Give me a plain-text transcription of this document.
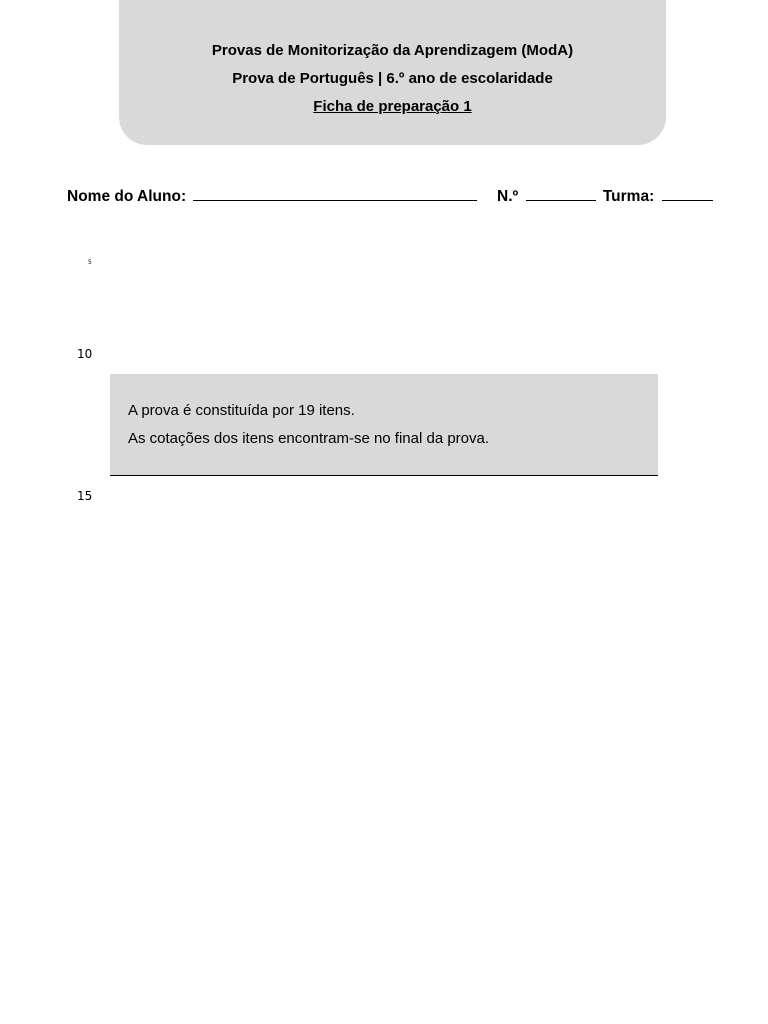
Provas de Monitorização da Aprendizagem (ModA)
Prova de Português | 6.º ano de escolaridade
Ficha de preparação 1
Nome do Aluno:	N.º	Turma:
5
10
15
A prova é constituída por 19 itens.
As cotações dos itens encontram-se no final da prova.
